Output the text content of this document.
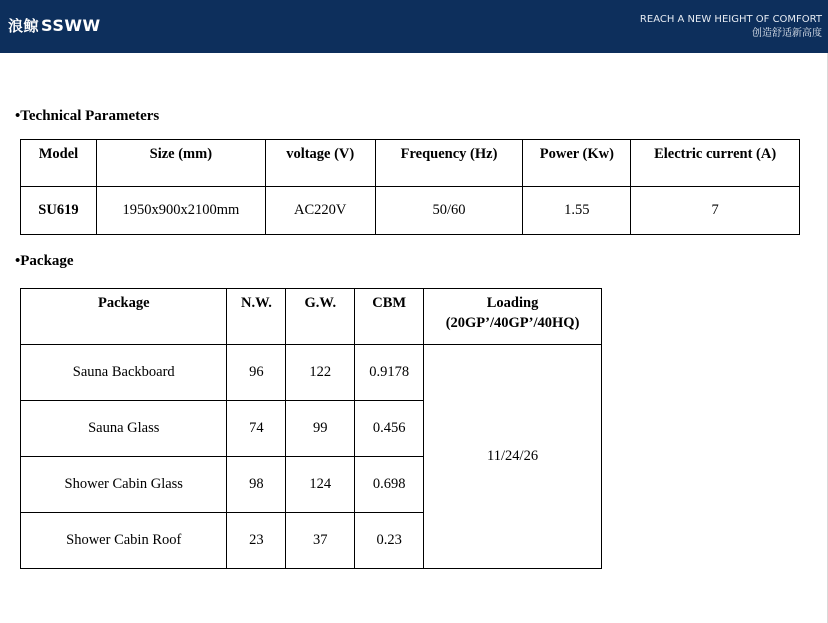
浪鲸 SSWW	REACH A NEW HEIGHT OF COMFORT
创造舒适新高度
•Technical Parameters
Model	Size (mm)	voltage (V)	Frequency (Hz)	Power (Kw)	Electric current (A)
SU619	1950x900x2100mm	AC220V	50/60	1.55	7
•Package
Package	N.W.	G.W.	CBM	Loading
(20GP’/40GP’/40HQ)

Sauna Backboard	96	122	0.9178	11/24/26
Sauna Glass	74	99	0.456	
Shower Cabin Glass	98	124	0.698	
Shower Cabin Roof	23	37	0.23	
